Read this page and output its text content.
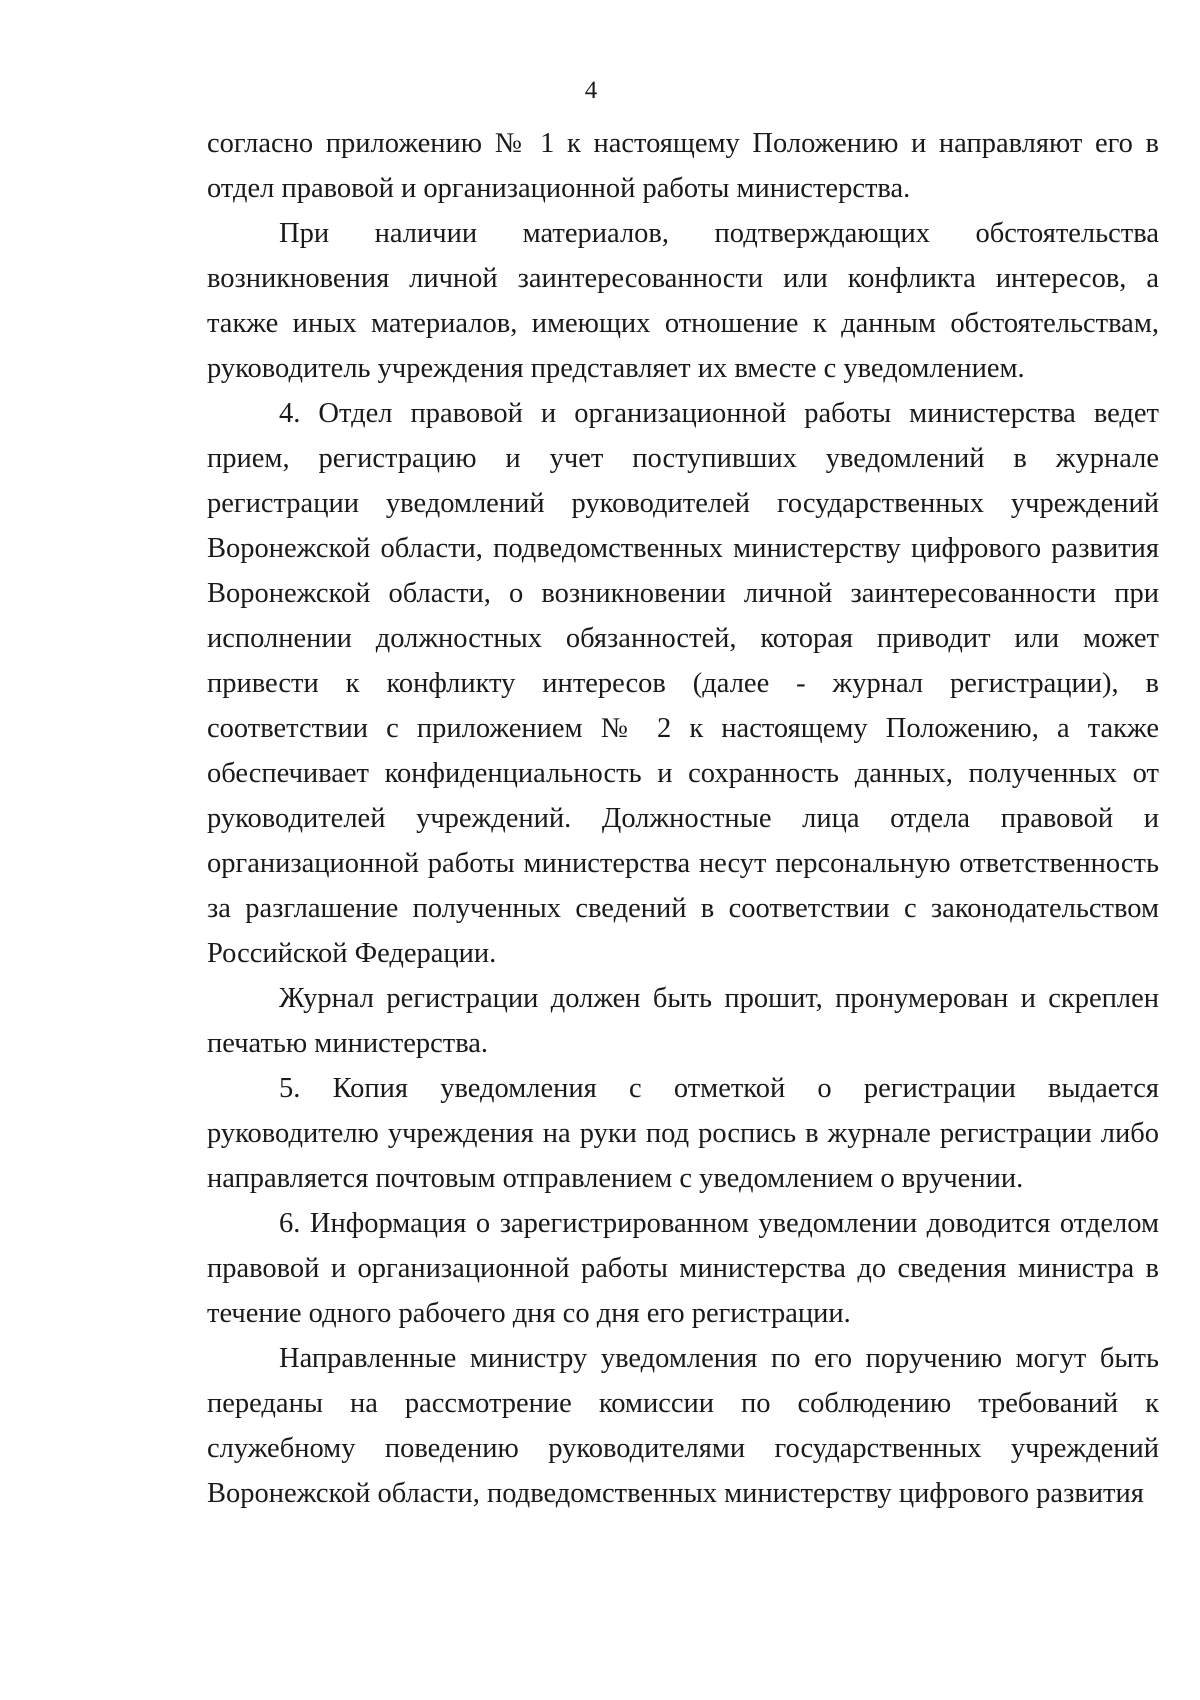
4

согласно приложению № 1 к настоящему Положению и направляют его в отдел правовой и организационной работы министерства.

При наличии материалов, подтверждающих обстоятельства возникновения личной заинтересованности или конфликта интересов, а также иных материалов, имеющих отношение к данным обстоятельствам, руководитель учреждения представляет их вместе с уведомлением.

4. Отдел правовой и организационной работы министерства ведет прием, регистрацию и учет поступивших уведомлений в журнале регистрации уведомлений руководителей государственных учреждений Воронежской области, подведомственных министерству цифрового развития Воронежской области, о возникновении личной заинтересованности при исполнении должностных обязанностей, которая приводит или может привести к конфликту интересов (далее - журнал регистрации), в соответствии с приложением № 2 к настоящему Положению, а также обеспечивает конфиденциальность и сохранность данных, полученных от руководителей учреждений. Должностные лица отдела правовой и организационной работы министерства несут персональную ответственность за разглашение полученных сведений в соответствии с законодательством Российской Федерации.

Журнал регистрации должен быть прошит, пронумерован и скреплен печатью министерства.

5. Копия уведомления с отметкой о регистрации выдается руководителю учреждения на руки под роспись в журнале регистрации либо направляется почтовым отправлением с уведомлением о вручении.

6. Информация о зарегистрированном уведомлении доводится отделом правовой и организационной работы министерства до сведения министра в течение одного рабочего дня со дня его регистрации.

Направленные министру уведомления по его поручению могут быть переданы на рассмотрение комиссии по соблюдению требований к служебному поведению руководителями государственных учреждений Воронежской области, подведомственных министерству цифрового развития
